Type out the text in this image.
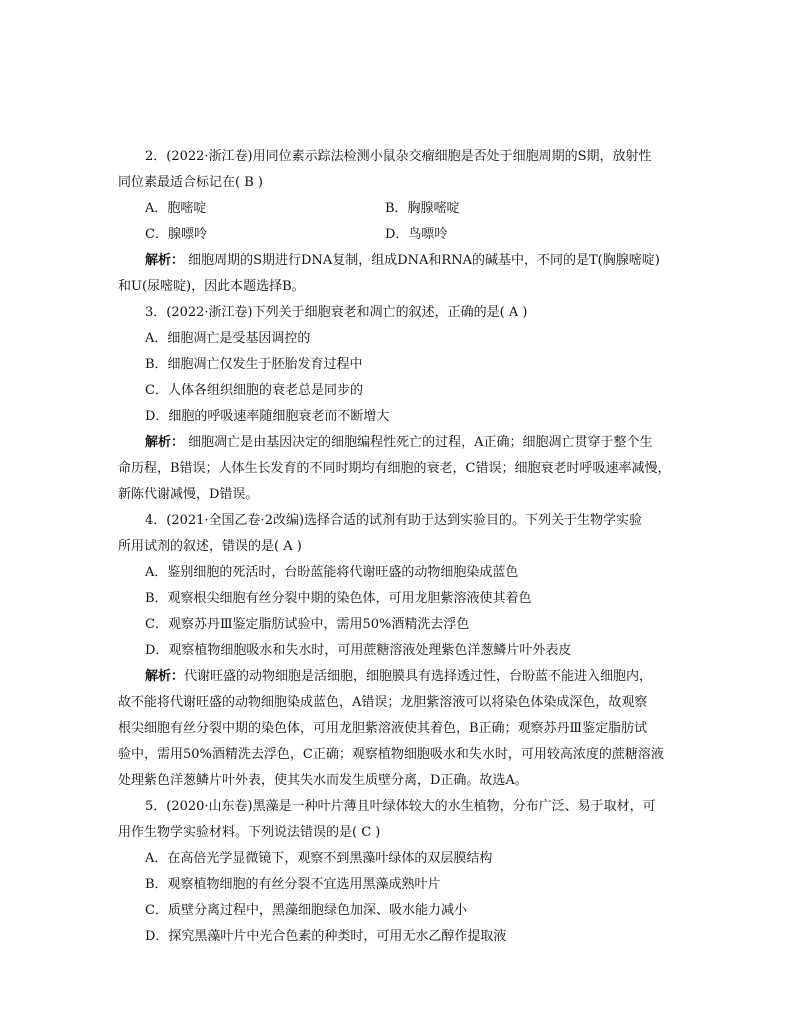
2．(2022·浙江卷)用同位素示踪法检测小鼠杂交瘤细胞是否处于细胞周期的S期，放射性
同位素最适合标记在( B )
A．胞嘧啶	B．胸腺嘧啶
C．腺嘌呤	D．鸟嘌呤
解析： 细胞周期的S期进行DNA复制，组成DNA和RNA的碱基中，不同的是T(胸腺嘧啶)
和U(尿嘧啶)，因此本题选择B。
3．(2022·浙江卷)下列关于细胞衰老和凋亡的叙述，正确的是( A )
A．细胞凋亡是受基因调控的
B．细胞凋亡仅发生于胚胎发育过程中
C．人体各组织细胞的衰老总是同步的
D．细胞的呼吸速率随细胞衰老而不断增大
解析： 细胞凋亡是由基因决定的细胞编程性死亡的过程，A正确；细胞凋亡贯穿于整个生
命历程，B错误；人体生长发育的不同时期均有细胞的衰老，C错误；细胞衰老时呼吸速率减慢，
新陈代谢减慢，D错误。
4．(2021·全国乙卷·2改编)选择合适的试剂有助于达到实验目的。下列关于生物学实验
所用试剂的叙述，错误的是( A )
A．鉴别细胞的死活时，台盼蓝能将代谢旺盛的动物细胞染成蓝色
B．观察根尖细胞有丝分裂中期的染色体，可用龙胆紫溶液使其着色
C．观察苏丹Ⅲ鉴定脂肪试验中，需用50%酒精洗去浮色
D．观察植物细胞吸水和失水时，可用蔗糖溶液处理紫色洋葱鳞片叶外表皮
解析：代谢旺盛的动物细胞是活细胞，细胞膜具有选择透过性，台盼蓝不能进入细胞内，
故不能将代谢旺盛的动物细胞染成蓝色，A错误；龙胆紫溶液可以将染色体染成深色，故观察
根尖细胞有丝分裂中期的染色体，可用龙胆紫溶液使其着色，B正确；观察苏丹Ⅲ鉴定脂肪试
验中，需用50%酒精洗去浮色，C正确；观察植物细胞吸水和失水时，可用较高浓度的蔗糖溶液
处理紫色洋葱鳞片叶外表，使其失水而发生质壁分离，D正确。故选A。
5．(2020·山东卷)黑藻是一种叶片薄且叶绿体较大的水生植物，分布广泛、易于取材，可
用作生物学实验材料。下列说法错误的是( C )
A．在高倍光学显微镜下，观察不到黑藻叶绿体的双层膜结构
B．观察植物细胞的有丝分裂不宜选用黑藻成熟叶片
C．质壁分离过程中，黑藻细胞绿色加深、吸水能力减小
D．探究黑藻叶片中光合色素的种类时，可用无水乙醇作提取液
